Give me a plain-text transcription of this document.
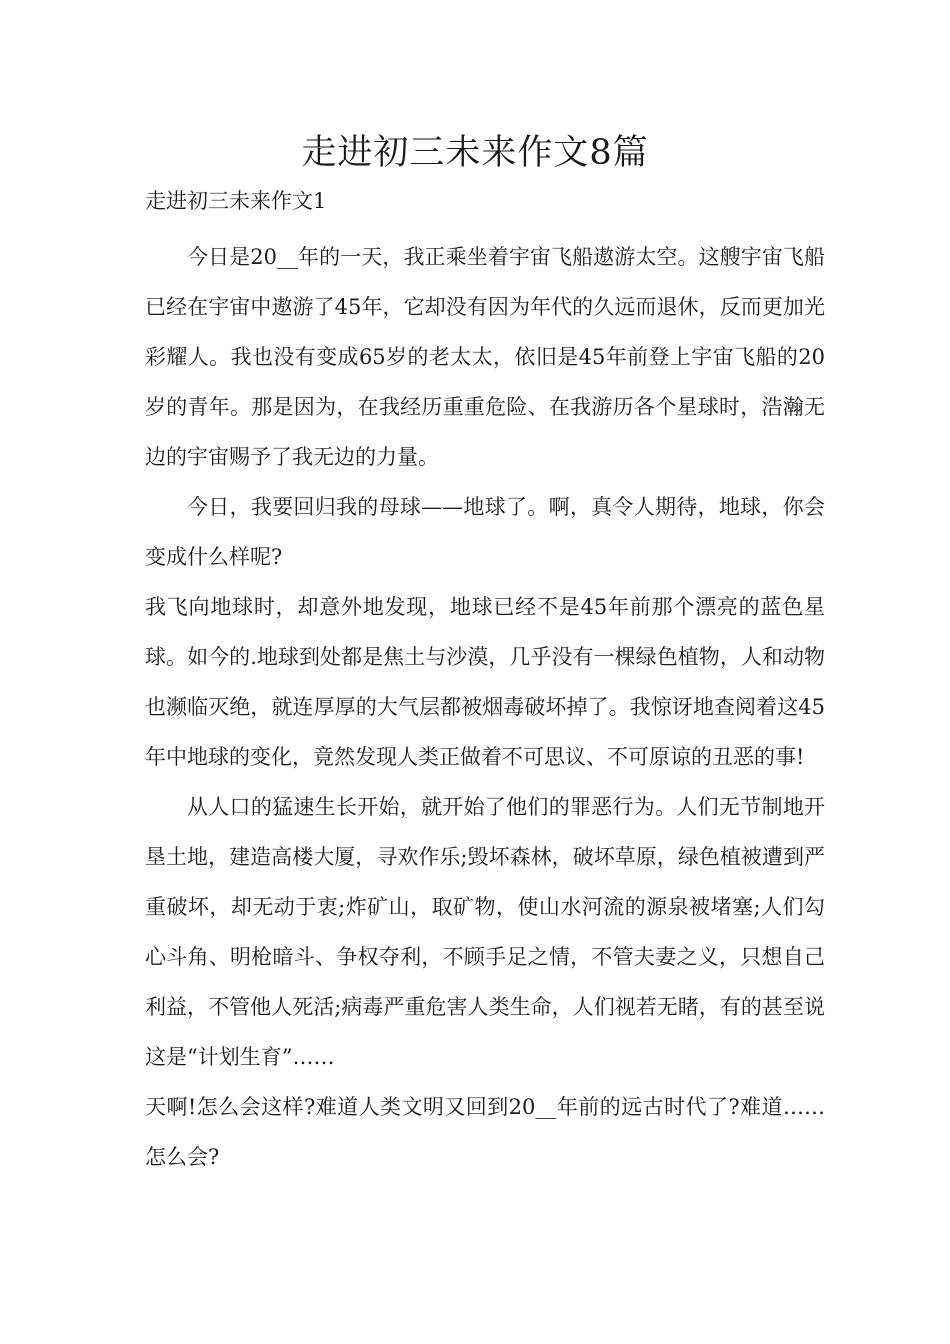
走进初三未来作文8篇

走进初三未来作文1

今日是20__年的一天，我正乘坐着宇宙飞船遨游太空。这艘宇宙飞船已经在宇宙中遨游了45年，它却没有因为年代的久远而退休，反而更加光彩耀人。我也没有变成65岁的老太太，依旧是45年前登上宇宙飞船的20岁的青年。那是因为，在我经历重重危险、在我游历各个星球时，浩瀚无边的宇宙赐予了我无边的力量。

今日，我要回归我的母球——地球了。啊，真令人期待，地球，你会变成什么样呢?

我飞向地球时，却意外地发现，地球已经不是45年前那个漂亮的蓝色星球。如今的.地球到处都是焦土与沙漠，几乎没有一棵绿色植物，人和动物也濒临灭绝，就连厚厚的大气层都被烟毒破坏掉了。我惊讶地查阅着这45年中地球的变化，竟然发现人类正做着不可思议、不可原谅的丑恶的事!

从人口的猛速生长开始，就开始了他们的罪恶行为。人们无节制地开垦土地，建造高楼大厦，寻欢作乐;毁坏森林，破坏草原，绿色植被遭到严重破坏，却无动于衷;炸矿山，取矿物，使山水河流的源泉被堵塞;人们勾心斗角、明枪暗斗、争权夺利，不顾手足之情，不管夫妻之义，只想自己利益，不管他人死活;病毒严重危害人类生命，人们视若无睹，有的甚至说这是“计划生育”……

天啊!怎么会这样?难道人类文明又回到20__年前的远古时代了?难道……怎么会?
